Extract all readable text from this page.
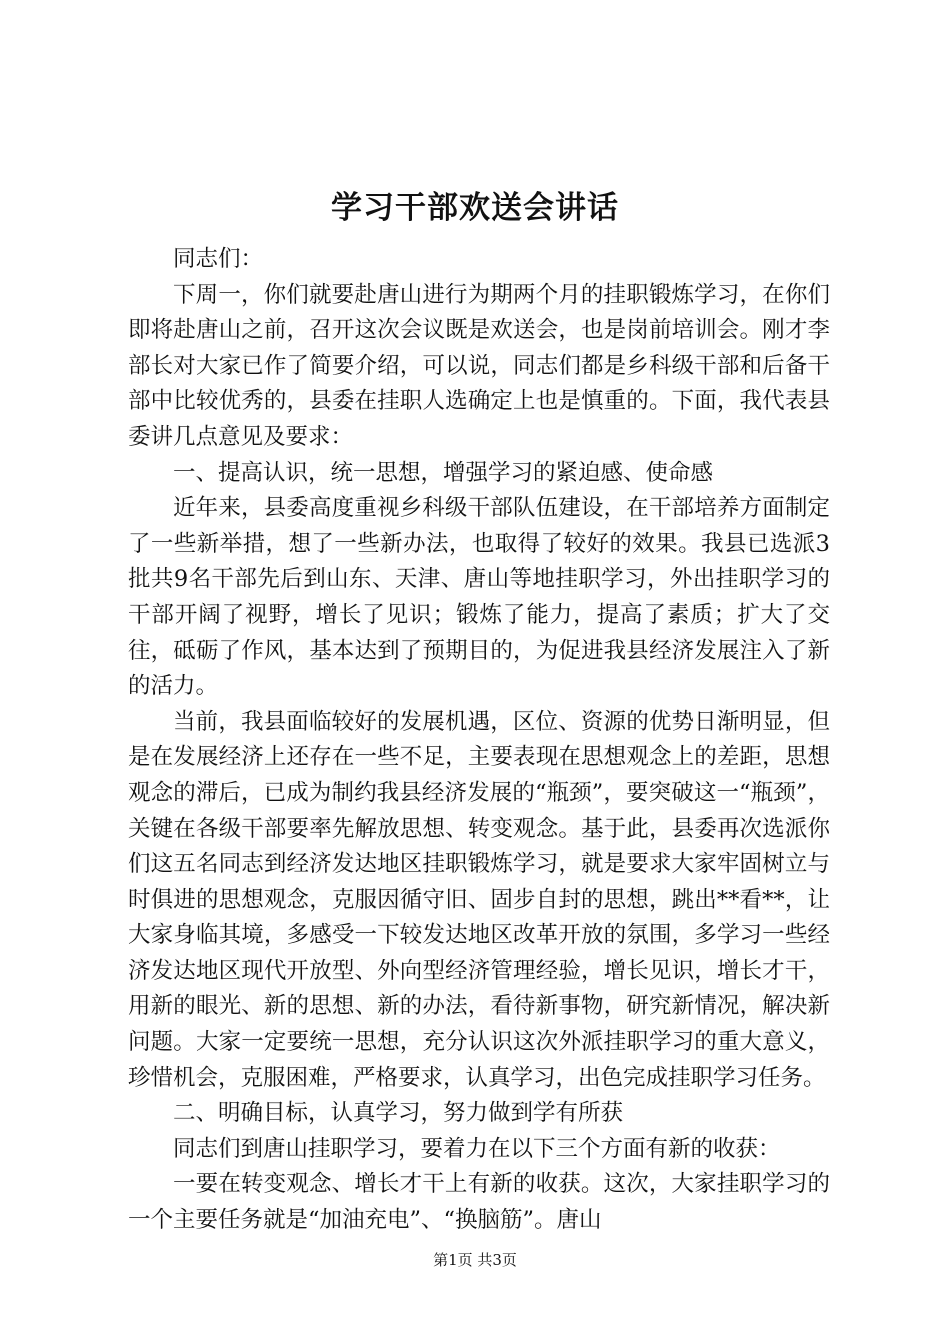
学习干部欢送会讲话

同志们：

下周一，你们就要赴唐山进行为期两个月的挂职锻炼学习，在你们即将赴唐山之前，召开这次会议既是欢送会，也是岗前培训会。刚才李部长对大家已作了简要介绍，可以说，同志们都是乡科级干部和后备干部中比较优秀的，县委在挂职人选确定上也是慎重的。下面，我代表县委讲几点意见及要求：

一、提高认识，统一思想，增强学习的紧迫感、使命感

近年来，县委高度重视乡科级干部队伍建设，在干部培养方面制定了一些新举措，想了一些新办法，也取得了较好的效果。我县已选派3批共9名干部先后到山东、天津、唐山等地挂职学习，外出挂职学习的干部开阔了视野，增长了见识；锻炼了能力，提高了素质；扩大了交往，砥砺了作风，基本达到了预期目的，为促进我县经济发展注入了新的活力。

当前，我县面临较好的发展机遇，区位、资源的优势日渐明显，但是在发展经济上还存在一些不足，主要表现在思想观念上的差距，思想观念的滞后，已成为制约我县经济发展的“瓶颈”，要突破这一“瓶颈”，关键在各级干部要率先解放思想、转变观念。基于此，县委再次选派你们这五名同志到经济发达地区挂职锻炼学习，就是要求大家牢固树立与时俱进的思想观念，克服因循守旧、固步自封的思想，跳出**看**，让大家身临其境，多感受一下较发达地区改革开放的氛围，多学习一些经济发达地区现代开放型、外向型经济管理经验，增长见识，增长才干，用新的眼光、新的思想、新的办法，看待新事物，研究新情况，解决新问题。大家一定要统一思想，充分认识这次外派挂职学习的重大意义，珍惜机会，克服困难，严格要求，认真学习，出色完成挂职学习任务。

二、明确目标，认真学习，努力做到学有所获

同志们到唐山挂职学习，要着力在以下三个方面有新的收获：

一要在转变观念、增长才干上有新的收获。这次，大家挂职学习的一个主要任务就是“加油充电”、“换脑筋”。唐山

第1页 共3页
